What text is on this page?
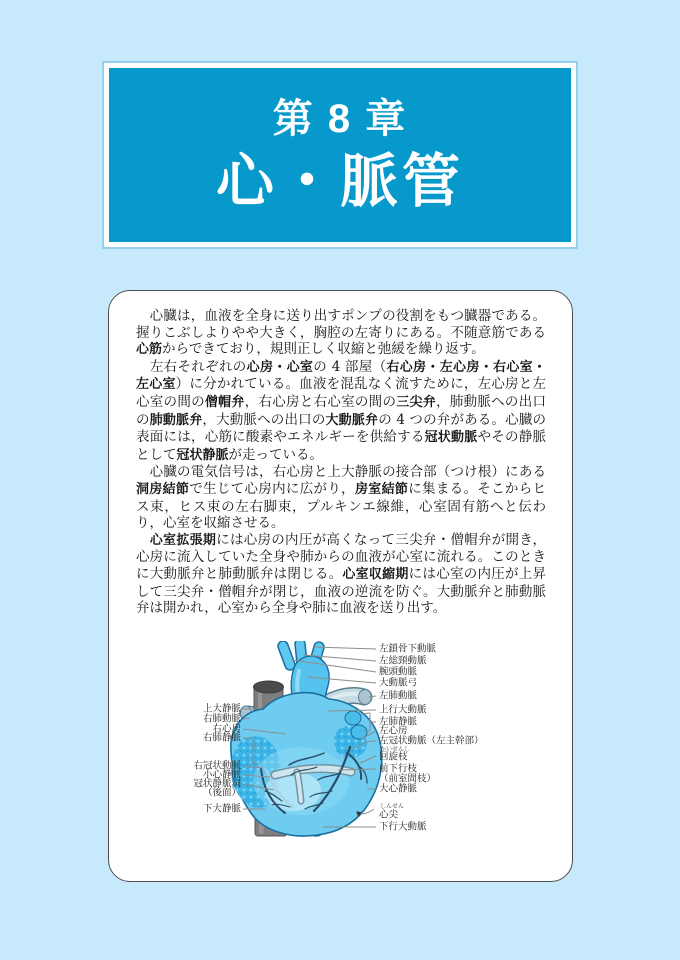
第 8 章
心・脈管

　心臓は，血液を全身に送り出すポンプの役割をもつ臓器である。握りこぶしよりやや大きく，胸腔の左寄りにある。不随意筋である心筋からできており，規則正しく収縮と弛緩を繰り返す。

　左右それぞれの心房・心室の 4 部屋（右心房・左心房・右心室・左心室）に分かれている。血液を混乱なく流すために，左心房と左心室の間の僧帽弁，右心房と右心室の間の三尖弁，肺動脈への出口の肺動脈弁，大動脈への出口の大動脈弁の 4 つの弁がある。心臓の表面には，心筋に酸素やエネルギーを供給する冠状動脈やその静脈として冠状静脈が走っている。

　心臓の電気信号は，右心房と上大静脈の接合部（つけ根）にある洞房結節で生じて心房内に広がり，房室結節に集まる。そこからヒス束，ヒス束の左右脚束，プルキンエ線維，心室固有筋へと伝わり，心室を収縮させる。

　心室拡張期には心房の内圧が高くなって三尖弁・僧帽弁が開き，心房に流入していた全身や肺からの血液が心室に流れる。このときに大動脈弁と肺動脈弁は閉じる。心室収縮期には心室の内圧が上昇して三尖弁・僧帽弁が閉じ，血液の逆流を防ぐ。大動脈弁と肺動脈弁は開かれ，心室から全身や肺に血液を送り出す。

左鎖骨下動脈
左総頸動脈
腕頭動脈
大動脈弓
左肺動脈
上行大動脈
左肺静脈
左心房
左冠状動脈（左主幹部）
かいせんし
回旋枝
前下行枝
（前室間枝）
大心静脈
しんせん
心尖
下行大動脈
上大静脈
右肺動脈
右心房
右肺静脈
右冠状動脈
小心静脈
冠状静脈洞
（後面）
下大静脈
